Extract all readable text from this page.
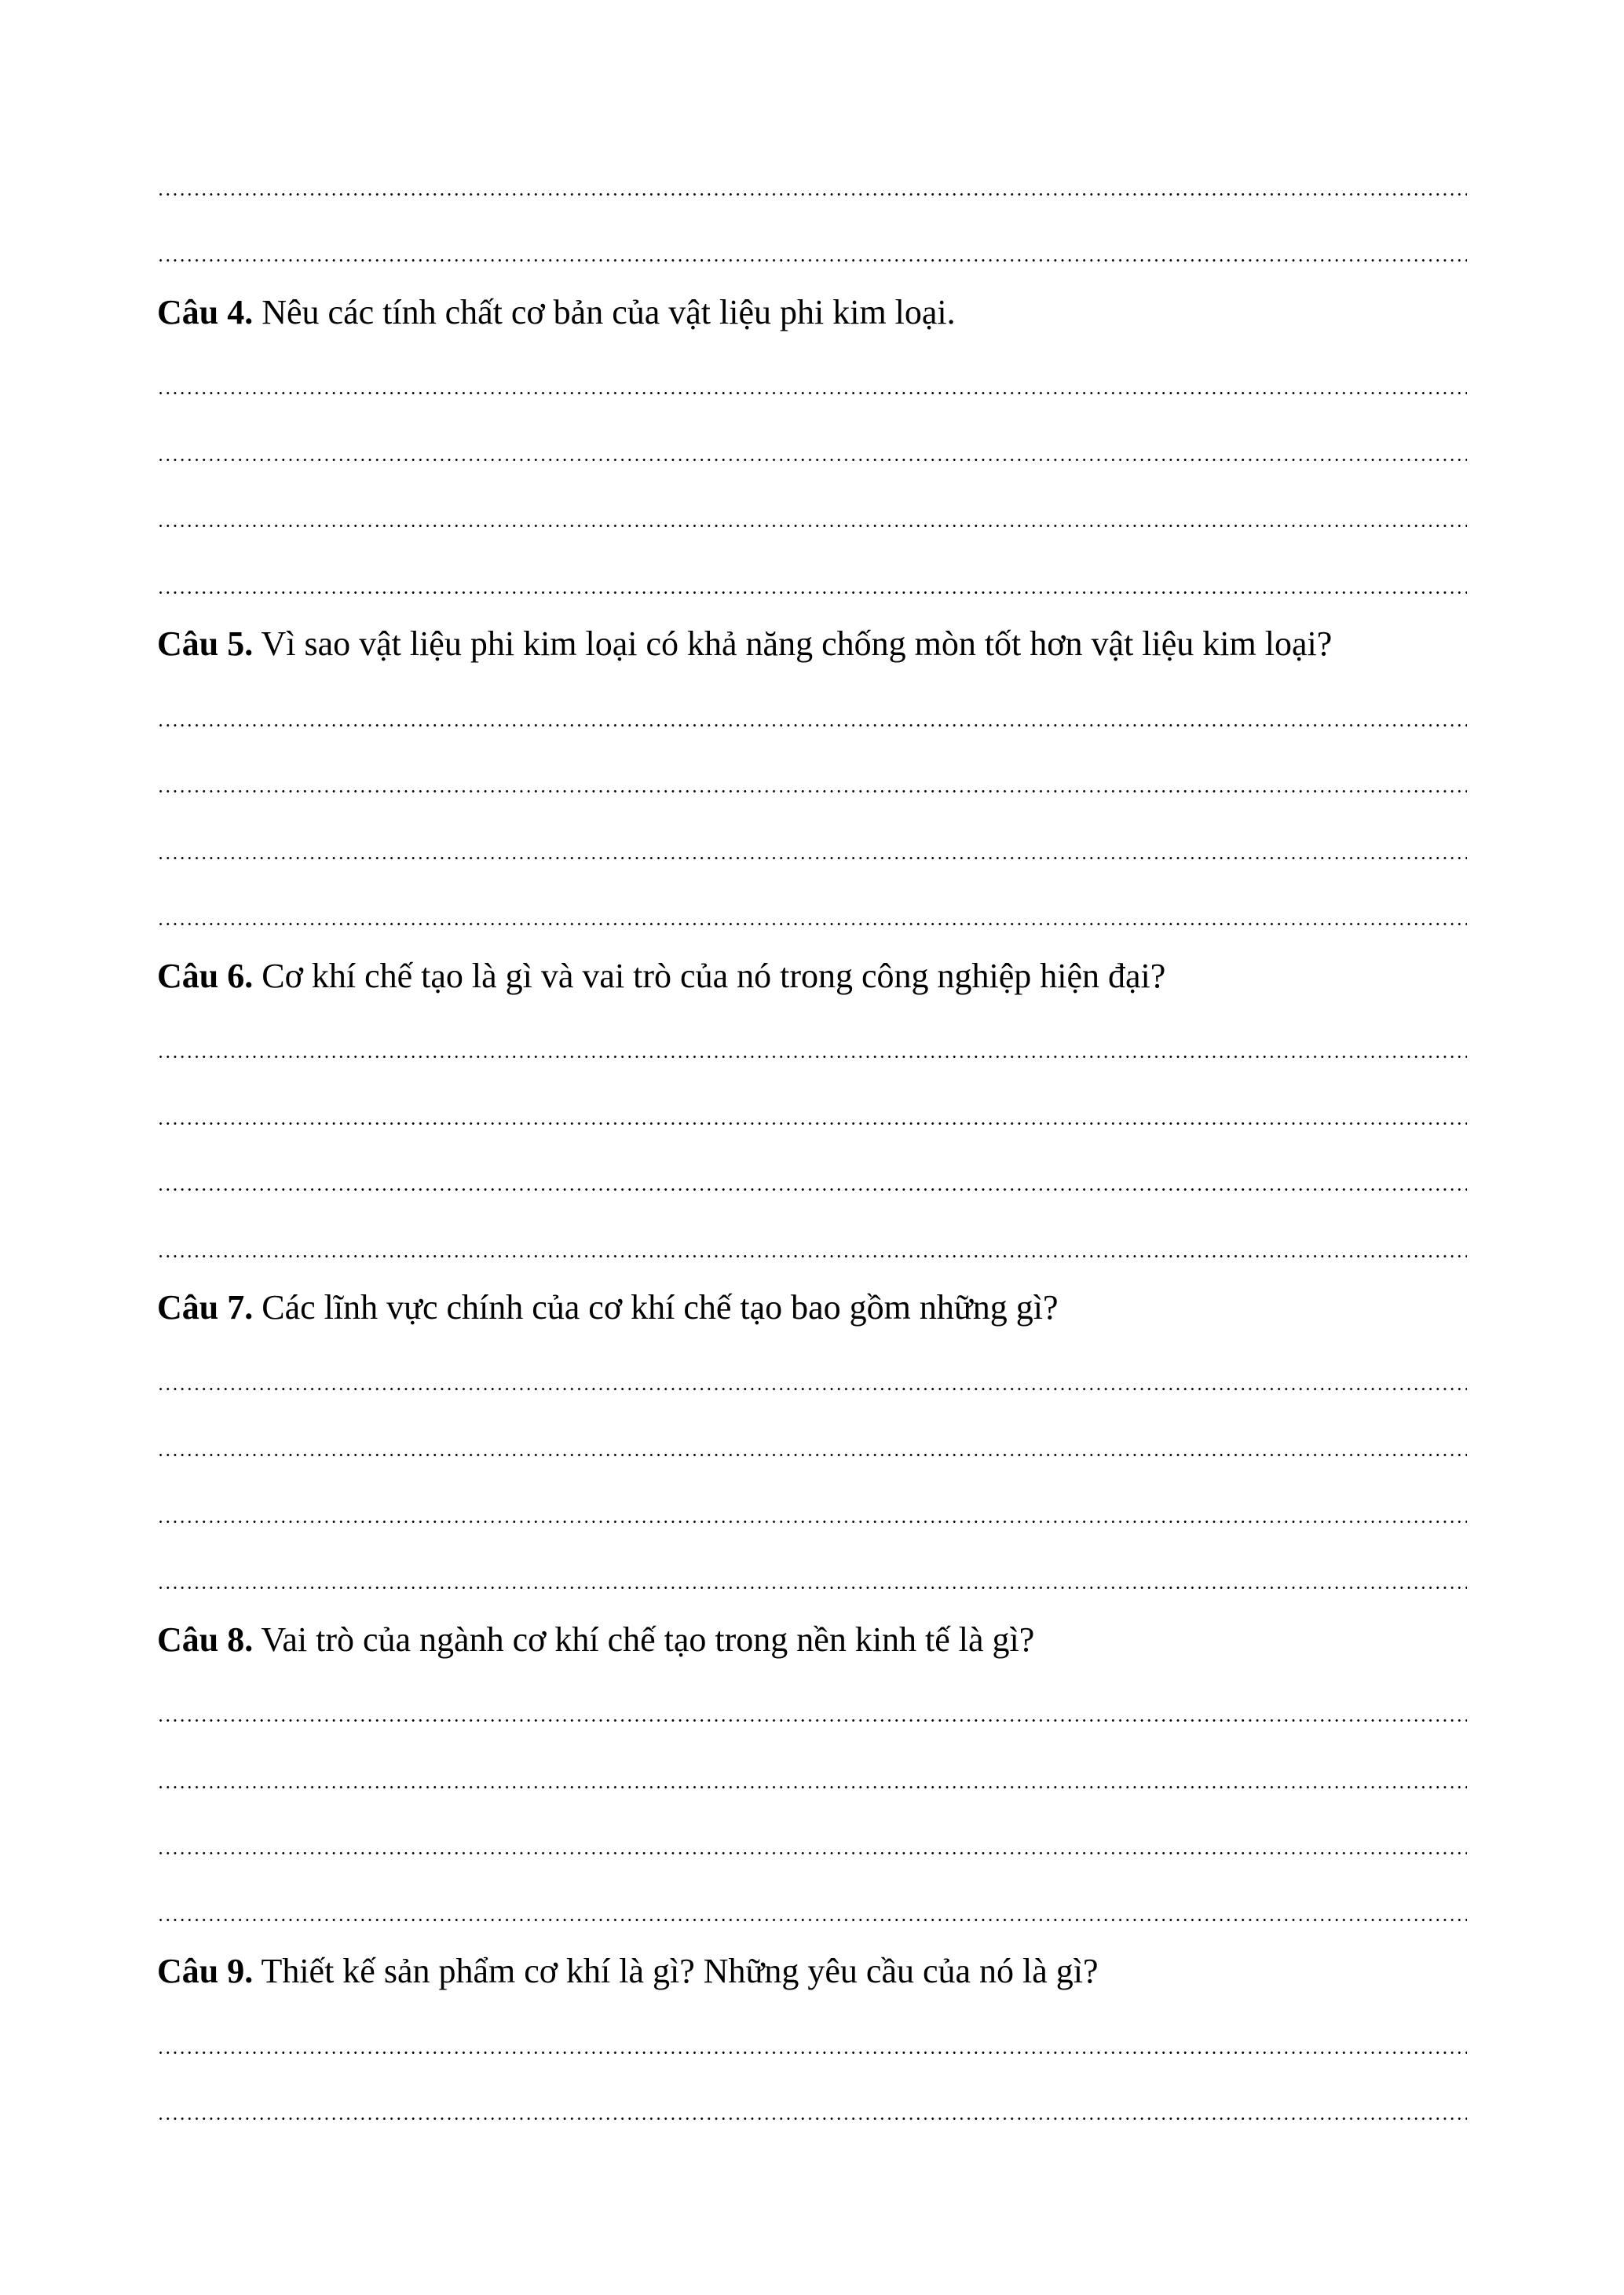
Câu 4. Nêu các tính chất cơ bản của vật liệu phi kim loại.
Câu 5. Vì sao vật liệu phi kim loại có khả năng chống mòn tốt hơn vật liệu kim loại?
Câu 6. Cơ khí chế tạo là gì và vai trò của nó trong công nghiệp hiện đại?
Câu 7. Các lĩnh vực chính của cơ khí chế tạo bao gồm những gì?
Câu 8. Vai trò của ngành cơ khí chế tạo trong nền kinh tế là gì?
Câu 9. Thiết kế sản phẩm cơ khí là gì? Những yêu cầu của nó là gì?
